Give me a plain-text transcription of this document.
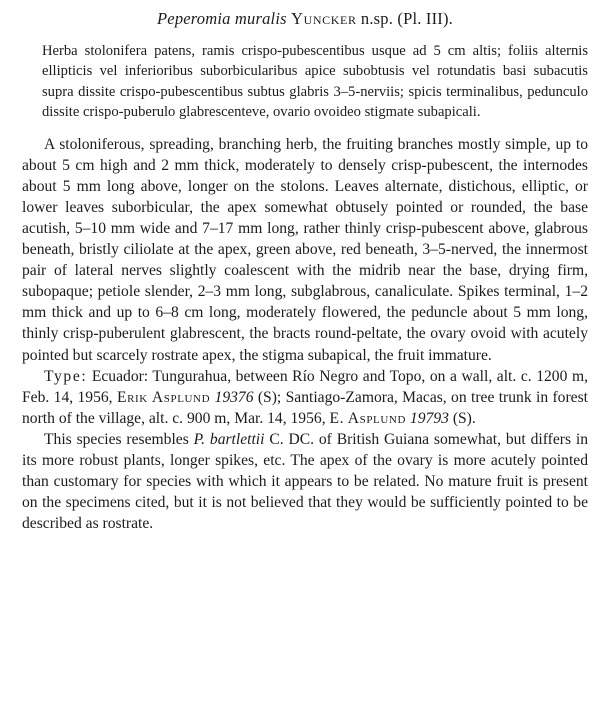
Peperomia muralis Yuncker n.sp. (Pl. III).

Herba stolonifera patens, ramis crispo-pubescentibus usque ad 5 cm altis; foliis alternis ellipticis vel inferioribus suborbicularibus apice subobtusis vel rotundatis basi subacutis supra dissite crispo-pubescentibus subtus glabris 3–5-nerviis; spicis terminalibus, pedunculo dissite crispo-puberulo glabrescenteve, ovario ovoideo stigmate subapicali.

A stoloniferous, spreading, branching herb, the fruiting branches mostly simple, up to about 5 cm high and 2 mm thick, moderately to densely crisp-pubescent, the internodes about 5 mm long above, longer on the stolons. Leaves alternate, distichous, elliptic, or lower leaves suborbicular, the apex somewhat obtusely pointed or rounded, the base acutish, 5–10 mm wide and 7–17 mm long, rather thinly crisp-pubescent above, glabrous beneath, bristly ciliolate at the apex, green above, red beneath, 3–5-nerved, the innermost pair of lateral nerves slightly coalescent with the midrib near the base, drying firm, subopaque; petiole slender, 2–3 mm long, subglabrous, canaliculate. Spikes terminal, 1–2 mm thick and up to 6–8 cm long, moderately flowered, the peduncle about 5 mm long, thinly crisp-puberulent glabrescent, the bracts round-peltate, the ovary ovoid with acutely pointed but scarcely rostrate apex, the stigma subapical, the fruit immature.

Type: Ecuador: Tungurahua, between Río Negro and Topo, on a wall, alt. c. 1200 m, Feb. 14, 1956, Erik Asplund 19376 (S); Santiago-Zamora, Macas, on tree trunk in forest north of the village, alt. c. 900 m, Mar. 14, 1956, E. Asplund 19793 (S).

This species resembles P. bartlettii C. DC. of British Guiana somewhat, but differs in its more robust plants, longer spikes, etc. The apex of the ovary is more acutely pointed than customary for species with which it appears to be related. No mature fruit is present on the specimens cited, but it is not believed that they would be sufficiently pointed to be described as rostrate.
